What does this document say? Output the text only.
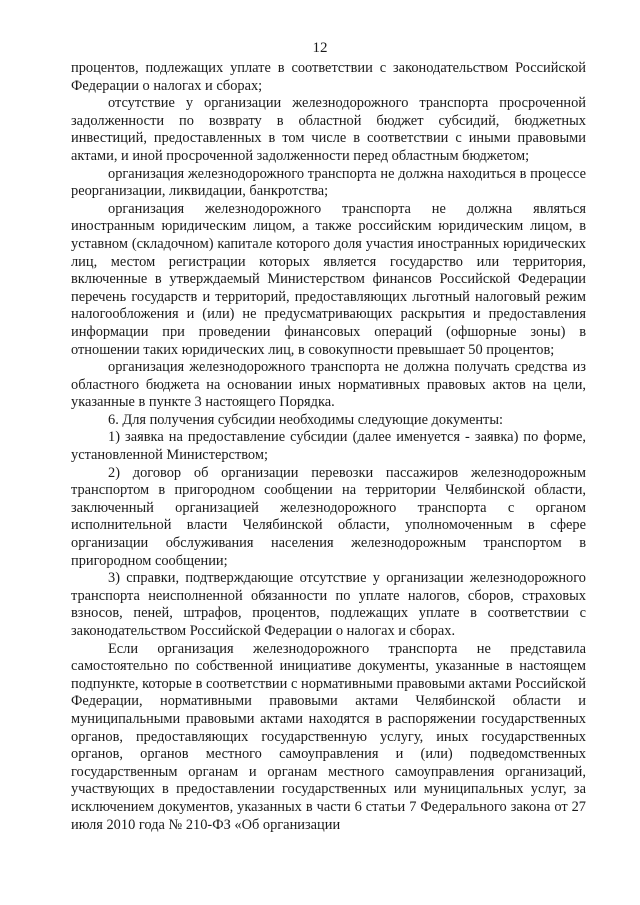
12

процентов, подлежащих уплате в соответствии с законодательством Российской Федерации о налогах и сборах;

отсутствие у организации железнодорожного транспорта просроченной задолженности по возврату в областной бюджет субсидий, бюджетных инвестиций, предоставленных в том числе в соответствии с иными правовыми актами, и иной просроченной задолженности перед областным бюджетом;

организация железнодорожного транспорта не должна находиться в процессе реорганизации, ликвидации, банкротства;

организация железнодорожного транспорта не должна являться иностранным юридическим лицом, а также российским юридическим лицом, в уставном (складочном) капитале которого доля участия иностранных юридических лиц, местом регистрации которых является государство или территория, включенные в утверждаемый Министерством финансов Российской Федерации перечень государств и территорий, предоставляющих льготный налоговый режим налогообложения и (или) не предусматривающих раскрытия и предоставления информации при проведении финансовых операций (офшорные зоны) в отношении таких юридических лиц, в совокупности превышает 50 процентов;

организация железнодорожного транспорта не должна получать средства из областного бюджета на основании иных нормативных правовых актов на цели, указанные в пункте 3 настоящего Порядка.

6. Для получения субсидии необходимы следующие документы:

1) заявка на предоставление субсидии (далее именуется - заявка) по форме, установленной Министерством;

2) договор об организации перевозки пассажиров железнодорожным транспортом в пригородном сообщении на территории Челябинской области, заключенный организацией железнодорожного транспорта с органом исполнительной власти Челябинской области, уполномоченным в сфере организации обслуживания населения железнодорожным транспортом в пригородном сообщении;

3) справки, подтверждающие отсутствие у организации железнодорожного транспорта неисполненной обязанности по уплате налогов, сборов, страховых взносов, пеней, штрафов, процентов, подлежащих уплате в соответствии с законодательством Российской Федерации о налогах и сборах.

Если организация железнодорожного транспорта не представила самостоятельно по собственной инициативе документы, указанные в настоящем подпункте, которые в соответствии с нормативными правовыми актами Российской Федерации, нормативными правовыми актами Челябинской области и муниципальными правовыми актами находятся в распоряжении государственных органов, предоставляющих государственную услугу, иных государственных органов, органов местного самоуправления и (или) подведомственных государственным органам и органам местного самоуправления организаций, участвующих в предоставлении государственных или муниципальных услуг, за исключением документов, указанных в части 6 статьи 7 Федерального закона от 27 июля 2010 года № 210-ФЗ «Об организации
